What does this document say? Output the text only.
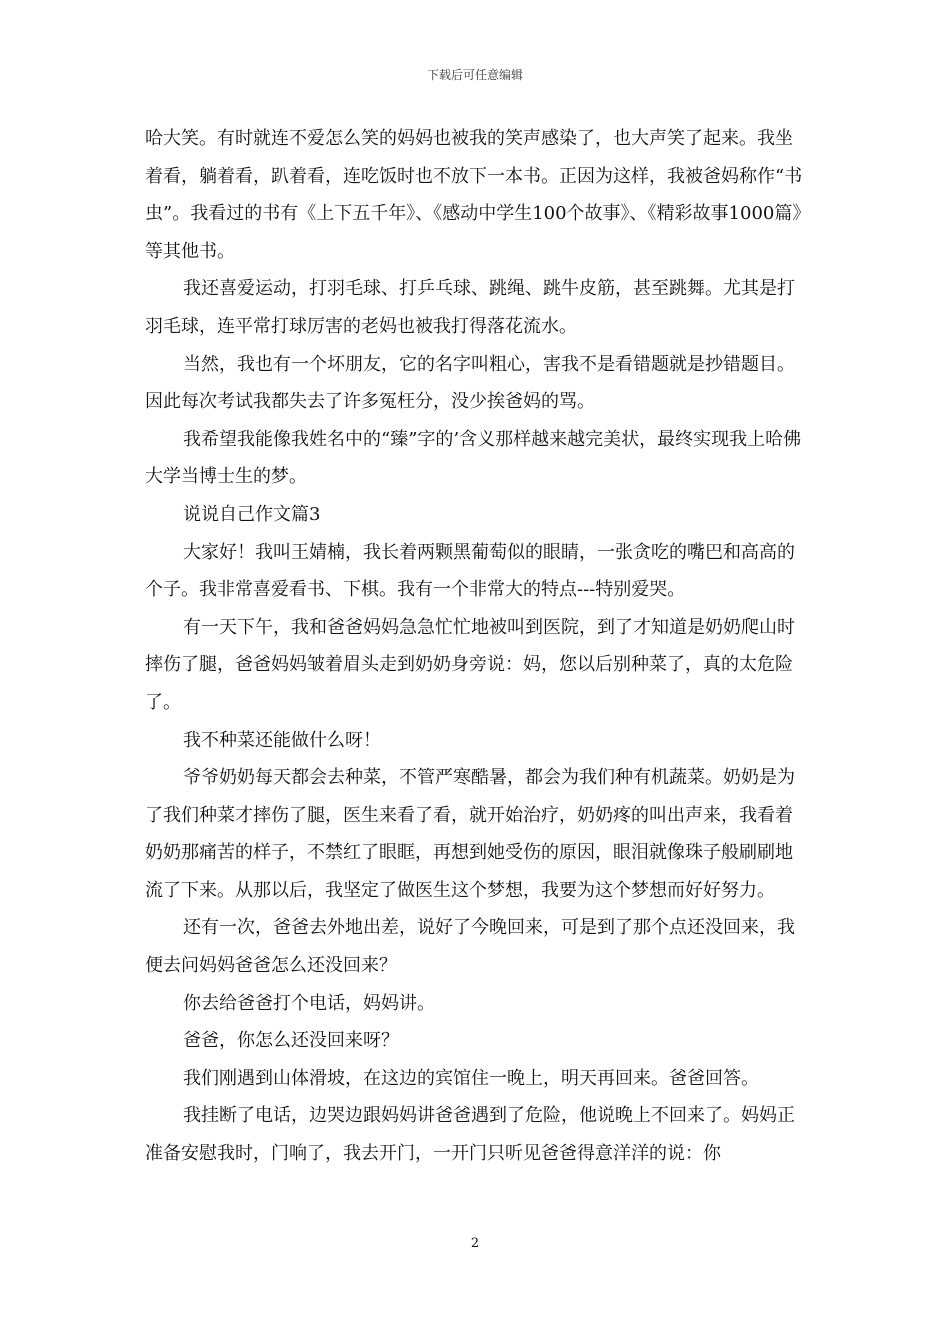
下载后可任意编辑

哈大笑。有时就连不爱怎么笑的妈妈也被我的笑声感染了，也大声笑了起来。我坐着看，躺着看，趴着看，连吃饭时也不放下一本书。正因为这样，我被爸妈称作“书虫”。我看过的书有《上下五千年》、《感动中学生100个故事》、《精彩故事1000篇》等其他书。

我还喜爱运动，打羽毛球、打乒乓球、跳绳、跳牛皮筋，甚至跳舞。尤其是打羽毛球，连平常打球厉害的老妈也被我打得落花流水。

当然，我也有一个坏朋友，它的名字叫粗心，害我不是看错题就是抄错题目。因此每次考试我都失去了许多冤枉分，没少挨爸妈的骂。

我希望我能像我姓名中的“臻”字的’含义那样越来越完美状，最终实现我上哈佛大学当博士生的梦。

说说自己作文篇3

大家好！我叫王婧楠，我长着两颗黑葡萄似的眼睛，一张贪吃的嘴巴和高高的个子。我非常喜爱看书、下棋。我有一个非常大的特点---特别爱哭。

有一天下午，我和爸爸妈妈急急忙忙地被叫到医院，到了才知道是奶奶爬山时摔伤了腿，爸爸妈妈皱着眉头走到奶奶身旁说：妈，您以后别种菜了，真的太危险了。

我不种菜还能做什么呀！

爷爷奶奶每天都会去种菜，不管严寒酷暑，都会为我们种有机蔬菜。奶奶是为了我们种菜才摔伤了腿，医生来看了看，就开始治疗，奶奶疼的叫出声来，我看着奶奶那痛苦的样子，不禁红了眼眶，再想到她受伤的原因，眼泪就像珠子般刷刷地流了下来。从那以后，我坚定了做医生这个梦想，我要为这个梦想而好好努力。

还有一次，爸爸去外地出差，说好了今晚回来，可是到了那个点还没回来，我便去问妈妈爸爸怎么还没回来？

你去给爸爸打个电话，妈妈讲。

爸爸，你怎么还没回来呀？

我们刚遇到山体滑坡，在这边的宾馆住一晚上，明天再回来。爸爸回答。

我挂断了电话，边哭边跟妈妈讲爸爸遇到了危险，他说晚上不回来了。妈妈正准备安慰我时，门响了，我去开门，一开门只听见爸爸得意洋洋的说：你

2
